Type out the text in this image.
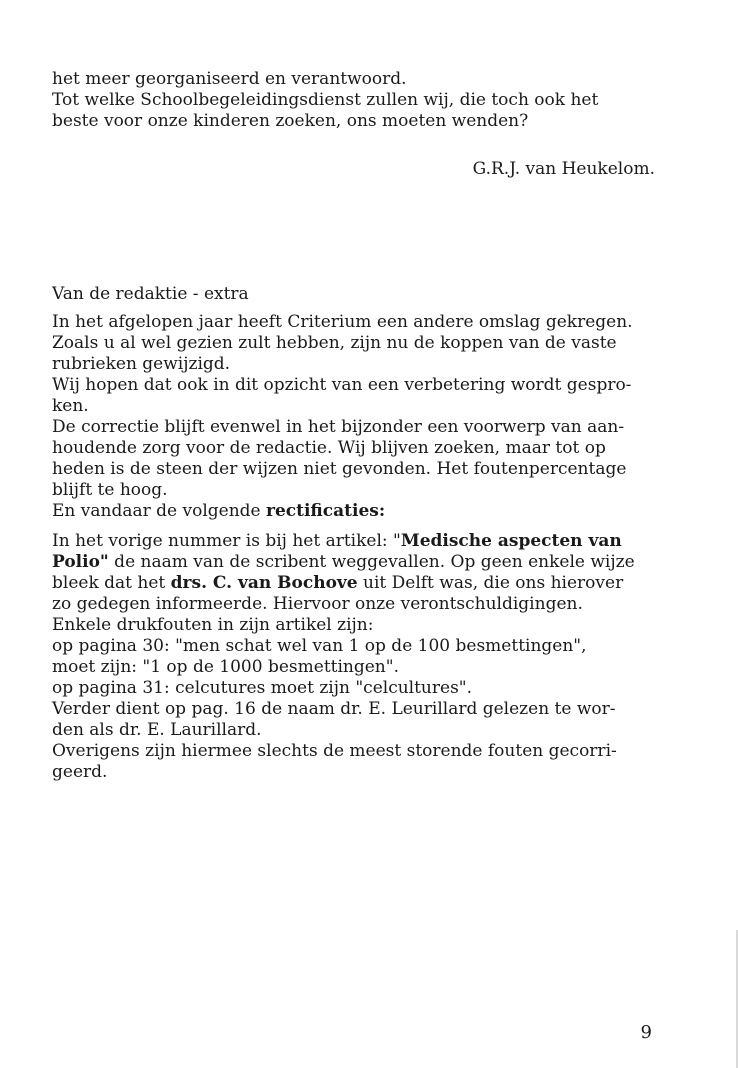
het meer georganiseerd en verantwoord.
Tot welke Schoolbegeleidingsdienst zullen wij, die toch ook het
beste voor onze kinderen zoeken, ons moeten wenden?
G.R.J. van Heukelom.
Van de redaktie - extra
In het afgelopen jaar heeft Criterium een andere omslag gekregen.
Zoals u al wel gezien zult hebben, zijn nu de koppen van de vaste
rubrieken gewijzigd.
Wij hopen dat ook in dit opzicht van een verbetering wordt gespro-
ken.
De correctie blijft evenwel in het bijzonder een voorwerp van aan-
houdende zorg voor de redactie. Wij blijven zoeken, maar tot op
heden is de steen der wijzen niet gevonden. Het foutenpercentage
blijft te hoog.
En vandaar de volgende rectificaties:
In het vorige nummer is bij het artikel: "Medische aspecten van
Polio" de naam van de scribent weggevallen. Op geen enkele wijze
bleek dat het drs. C. van Bochove uit Delft was, die ons hierover
zo gedegen informeerde. Hiervoor onze verontschuldigingen.
Enkele drukfouten in zijn artikel zijn:
op pagina 30: "men schat wel van 1 op de 100 besmettingen",
moet zijn: "1 op de 1000 besmettingen".
op pagina 31: celcutures moet zijn "celcultures".
Verder dient op pag. 16 de naam dr. E. Leurillard gelezen te wor-
den als dr. E. Laurillard.
Overigens zijn hiermee slechts de meest storende fouten gecorri-
geerd.
9
